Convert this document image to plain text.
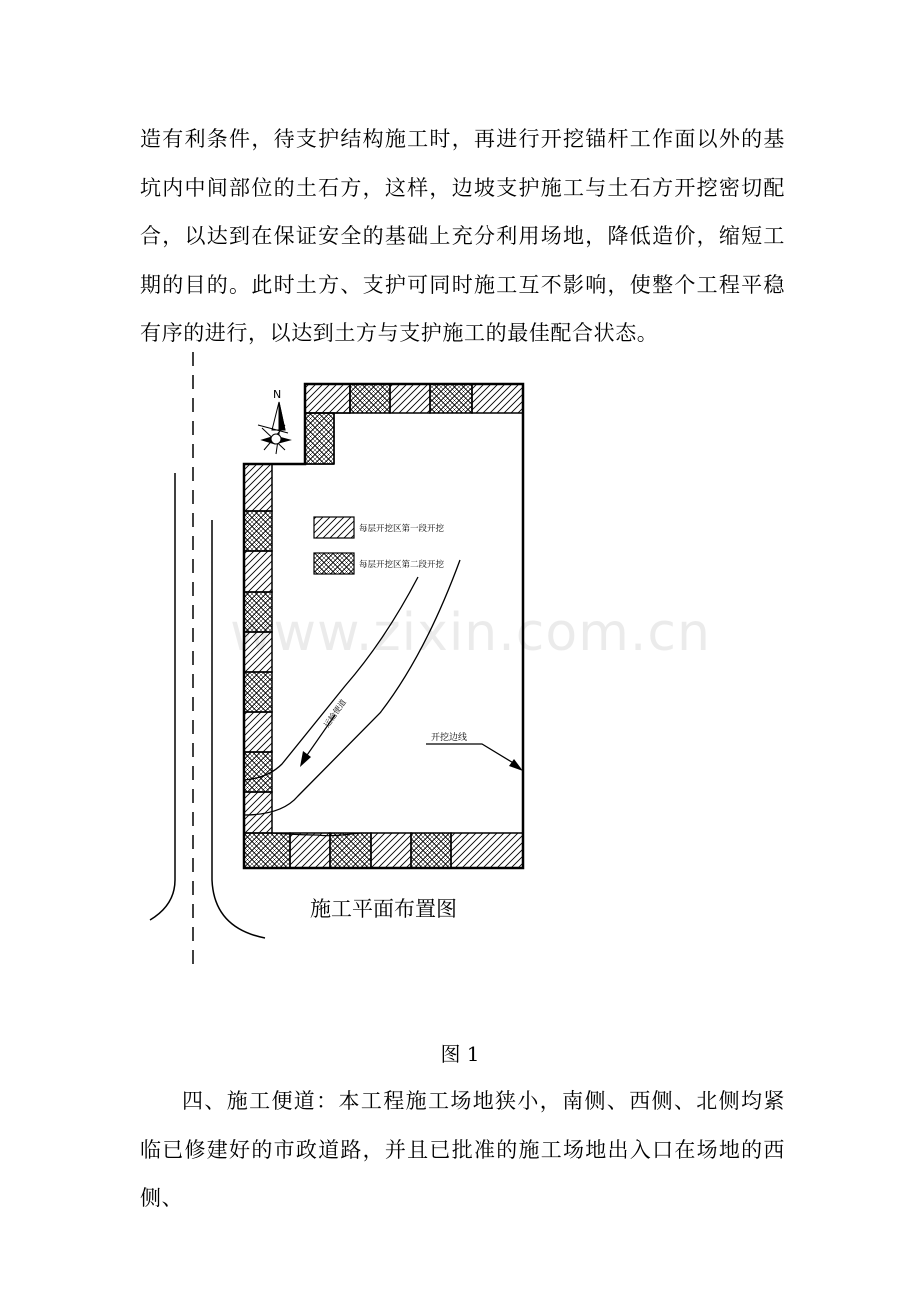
造有利条件，待支护结构施工时，再进行开挖锚杆工作面以外的基坑内中间部位的土石方，这样，边坡支护施工与土石方开挖密切配合，以达到在保证安全的基础上充分利用场地，降低造价，缩短工期的目的。此时土方、支护可同时施工互不影响，使整个工程平稳有序的进行，以达到土方与支护施工的最佳配合状态。
每层开挖区第一段开挖
每层开挖区第二段开挖
运输便道
开挖边线
N
施工平面布置图
www.zixin.com.cn
图 1
四、施工便道：本工程施工场地狭小，南侧、西侧、北侧均紧临已修建好的市政道路，并且已批准的施工场地出入口在场地的西侧、
